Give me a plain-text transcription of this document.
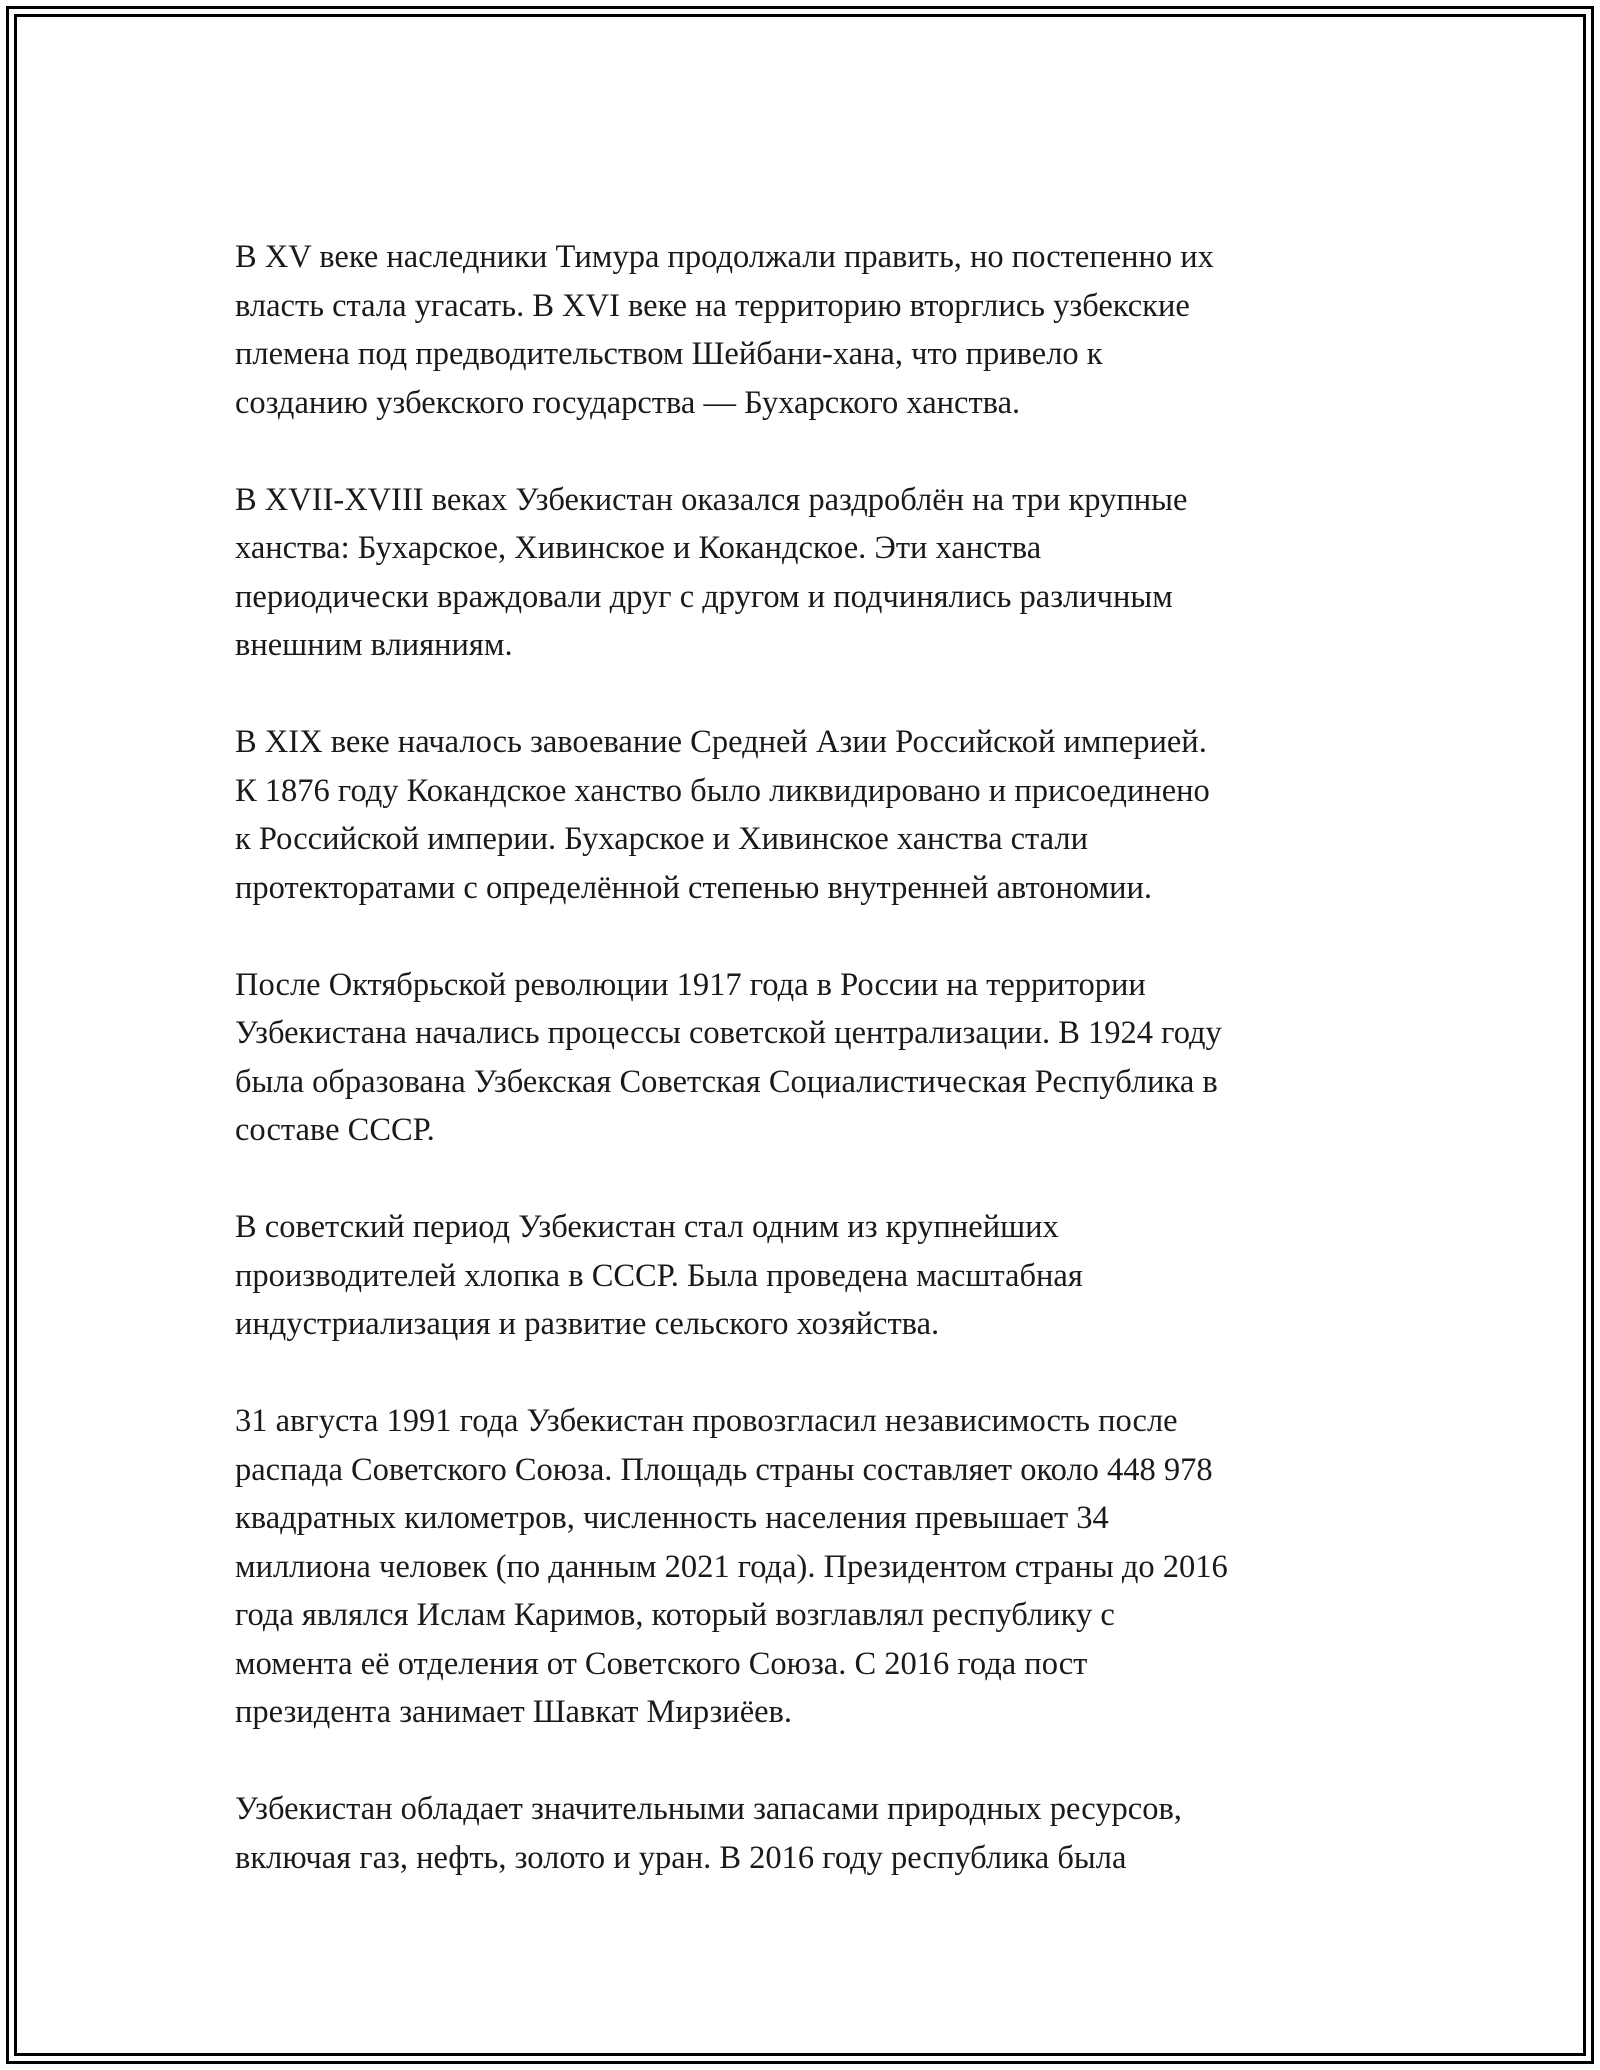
В XV веке наследники Тимура продолжали править, но постепенно их
власть стала угасать. В XVI веке на территорию вторглись узбекские
племена под предводительством Шейбани-хана, что привело к
созданию узбекского государства — Бухарского ханства.

В XVII-XVIII веках Узбекистан оказался раздроблён на три крупные
ханства: Бухарское, Хивинское и Кокандское. Эти ханства
периодически враждовали друг с другом и подчинялись различным
внешним влияниям.

В XIX веке началось завоевание Средней Азии Российской империей.
К 1876 году Кокандское ханство было ликвидировано и присоединено
к Российской империи. Бухарское и Хивинское ханства стали
протекторатами с определённой степенью внутренней автономии.

После Октябрьской революции 1917 года в России на территории
Узбекистана начались процессы советской централизации. В 1924 году
была образована Узбекская Советская Социалистическая Республика в
составе СССР.

В советский период Узбекистан стал одним из крупнейших
производителей хлопка в СССР. Была проведена масштабная
индустриализация и развитие сельского хозяйства.

31 августа 1991 года Узбекистан провозгласил независимость после
распада Советского Союза. Площадь страны составляет около 448 978
квадратных километров, численность населения превышает 34
миллиона человек (по данным 2021 года). Президентом страны до 2016
года являлся Ислам Каримов, который возглавлял республику с
момента её отделения от Советского Союза. С 2016 года пост
президента занимает Шавкат Мирзиёев.

Узбекистан обладает значительными запасами природных ресурсов,
включая газ, нефть, золото и уран. В 2016 году республика была
